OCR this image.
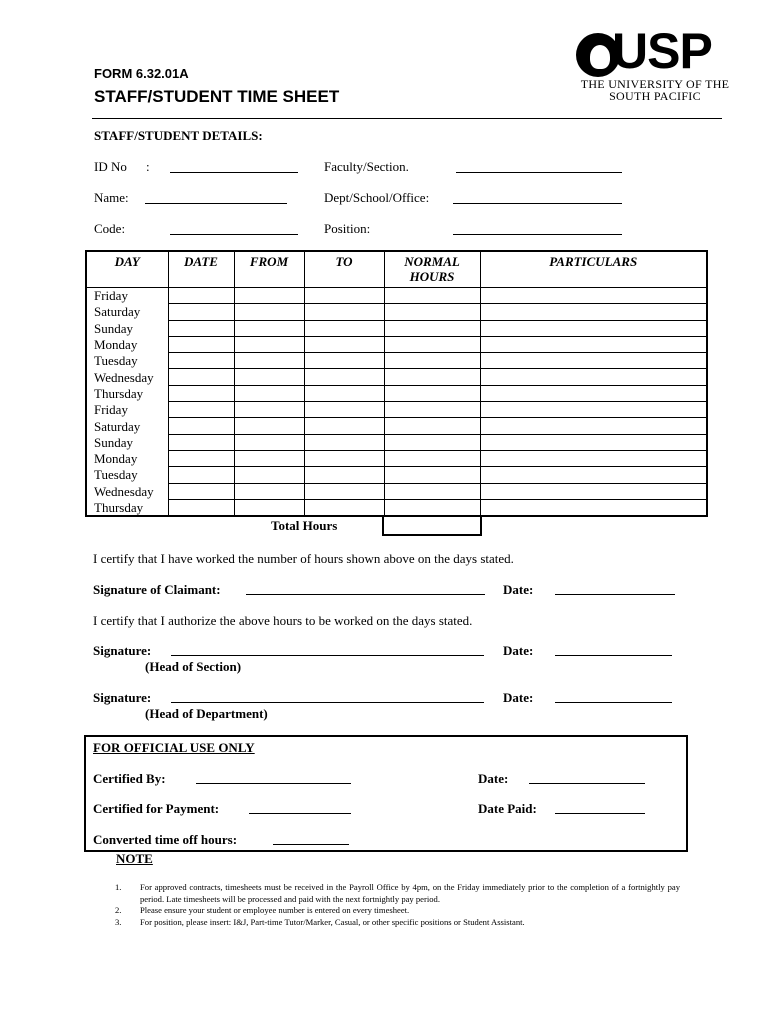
FORM 6.32.01A
STAFF/STUDENT TIME SHEET
USP
THE UNIVERSITY OF THE
SOUTH PACIFIC
STAFF/STUDENT DETAILS:
ID No :	Faculty/Section.
Name:	Dept/School/Office:
Code:	Position:
DAY	DATE	FROM	TO	NORMAL HOURS	PARTICULARS
Friday					
Saturday					
Sunday					
Monday					
Tuesday					
Wednesday					
Thursday					
Friday					
Saturday					
Sunday					
Monday					
Tuesday					
Wednesday					
Thursday					
Total Hours
I certify that I have worked the number of hours shown above on the days stated.
Signature of Claimant:	Date:
I certify that I authorize the above hours to be worked on the days stated.
Signature:	Date:
(Head of Section)
Signature:	Date:
(Head of Department)
FOR OFFICIAL USE ONLY
Certified By:	Date:
Certified for Payment:	Date Paid:
Converted time off hours:
NOTE
1.	For approved contracts, timesheets must be received in the Payroll Office by 4pm, on the Friday immediately prior to the completion of a fortnightly pay period. Late timesheets will be processed and paid with the next fortnightly pay period.
2.	Please ensure your student or employee number is entered on every timesheet.
3.	For position, please insert: I&J, Part-time Tutor/Marker, Casual, or other specific positions or Student Assistant.
